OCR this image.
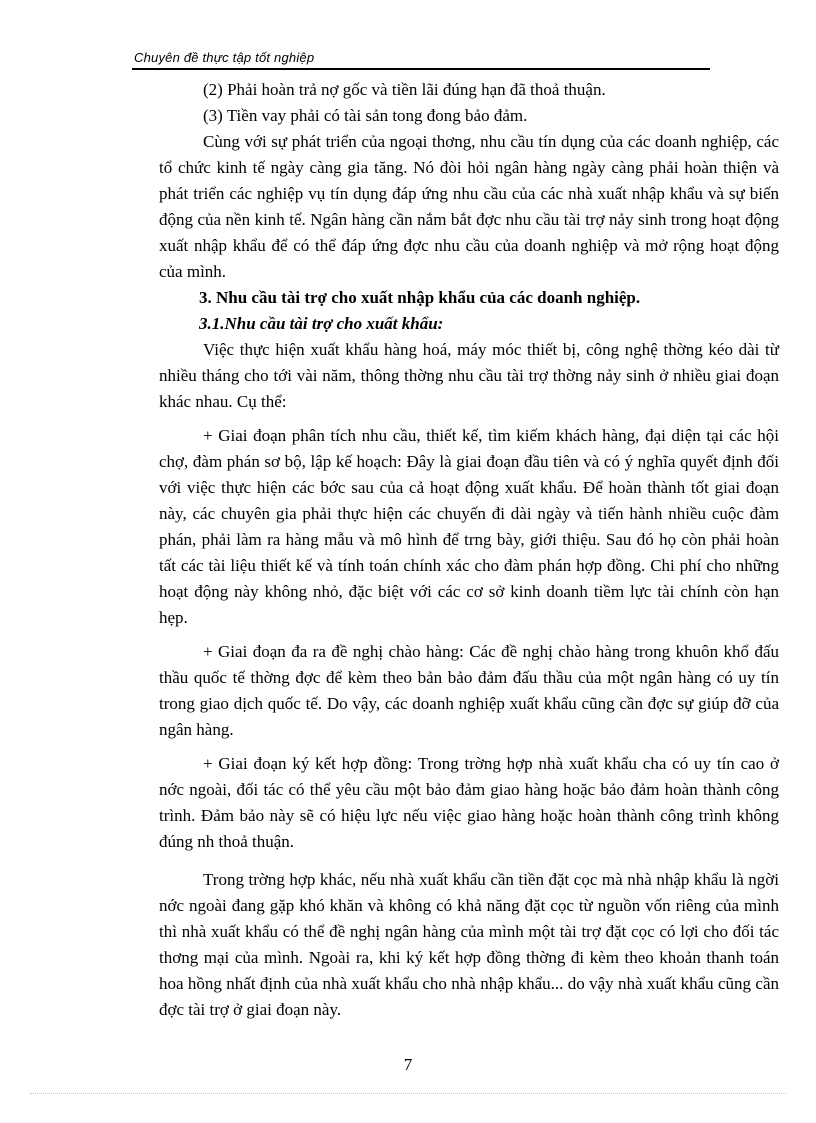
Chuyên đề thực tập tốt nghiệp

(2) Phải hoàn trả nợ gốc và tiền lãi đúng hạn đã thoả thuận.

(3) Tiền vay phải có tài sản tong đong bảo đảm.

Cùng với sự phát triển của ngoại thơng, nhu cầu tín dụng của các doanh nghiệp, các tổ chức kinh tế ngày càng gia tăng. Nó đòi hỏi ngân hàng ngày càng phải hoàn thiện và phát triển các nghiệp vụ tín dụng đáp ứng nhu cầu của các nhà xuất nhập khẩu và sự biến động của nền kinh tế. Ngân hàng cần nắm bắt đợc nhu cầu tài trợ nảy sinh trong hoạt động xuất nhập khẩu để có thể đáp ứng đợc nhu cầu của doanh nghiệp và mở rộng hoạt động của mình.

3. Nhu cầu tài trợ cho xuất nhập khẩu của các doanh nghiệp.

3.1.Nhu cầu tài trợ cho xuất khẩu:

Việc thực hiện xuất khẩu hàng hoá, máy móc thiết bị, công nghệ thờng kéo dài từ nhiều tháng cho tới vài năm, thông thờng nhu cầu tài trợ thờng nảy sinh ở nhiều giai đoạn khác nhau. Cụ thể:

+ Giai đoạn phân tích nhu cầu, thiết kế, tìm kiếm khách hàng, đại diện tại các hội chợ, đàm phán sơ bộ, lập kế hoạch: Đây là giai đoạn đầu tiên và có ý nghĩa quyết định đối với việc thực hiện các bớc sau của cả hoạt động xuất khẩu. Để hoàn thành tốt giai đoạn này, các chuyên gia phải thực hiện các chuyến đi dài ngày và tiến hành nhiều cuộc đàm phán, phải làm ra hàng mẫu và mô hình để trng bày, giới thiệu. Sau đó họ còn phải hoàn tất các tài liệu thiết kế và tính toán chính xác cho đàm phán hợp đồng. Chi phí cho những hoạt động này không nhỏ, đặc biệt với các cơ sở kinh doanh tiềm lực tài chính còn hạn hẹp.

+ Giai đoạn đa ra đề nghị chào hàng: Các đề nghị chào hàng trong khuôn khổ đấu thầu quốc tế thờng đợc để kèm theo bản bảo đảm đấu thầu của một ngân hàng có uy tín trong giao dịch quốc tế. Do vậy, các doanh nghiệp xuất khẩu cũng cần đợc sự giúp đỡ của ngân hàng.

+ Giai đoạn ký kết hợp đồng: Trong trờng hợp nhà xuất khẩu cha có uy tín cao ở nớc ngoài, đối tác có thể yêu cầu một bảo đảm giao hàng hoặc bảo đảm hoàn thành công trình. Đảm bảo này sẽ có hiệu lực nếu việc giao hàng hoặc hoàn thành công trình không đúng nh thoả thuận.

Trong trờng hợp khác, nếu nhà xuất khẩu cần tiền đặt cọc mà nhà nhập khẩu là ngời nớc ngoài đang gặp khó khăn và không có khả năng đặt cọc từ nguồn vốn riêng của mình thì nhà xuất khẩu có thể đề nghị ngân hàng của mình một tài trợ đặt cọc có lợi cho đối tác thơng mại của mình. Ngoài ra, khi ký kết hợp đồng thờng đi kèm theo khoản thanh toán hoa hồng nhất định của nhà xuất khẩu cho nhà nhập khẩu... do vậy nhà xuất khẩu cũng cần đợc tài trợ ở giai đoạn này.

7
